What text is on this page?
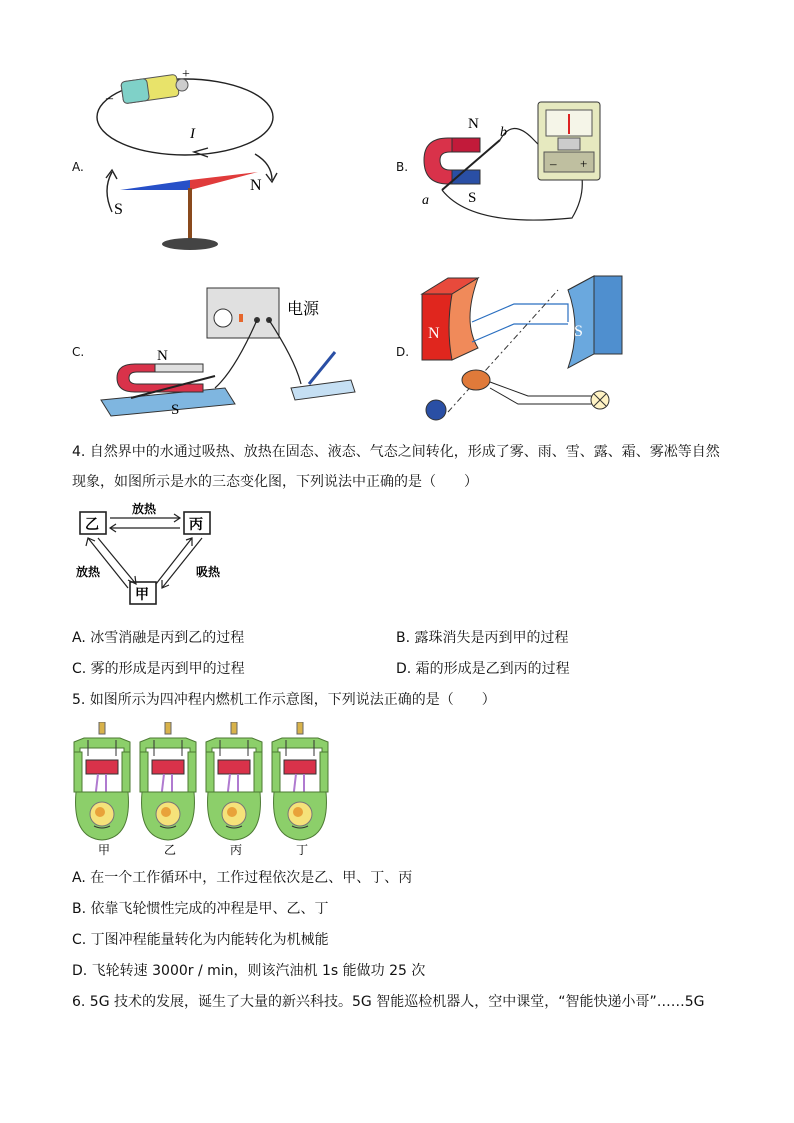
A.	B.
C.	D.
–
+
I
S
N
N
S
a
b
– +
电源
N
S
N	S
4. 自然界中的水通过吸热、放热在固态、液态、气态之间转化，形成了雾、雨、雪、露、霜、雾凇等自然
现象，如图所示是水的三态变化图，下列说法中正确的是（　　）
乙	丙
甲
放热
放热	吸热
A. 冰雪消融是丙到乙的过程	B. 露珠消失是丙到甲的过程
C. 雾的形成是丙到甲的过程	D. 霜的形成是乙到丙的过程
5. 如图所示为四冲程内燃机工作示意图，下列说法正确的是（　　）
甲	乙	丙	丁
A. 在一个工作循环中，工作过程依次是乙、甲、丁、丙
B. 依靠飞轮惯性完成的冲程是甲、乙、丁
C. 丁图冲程能量转化为内能转化为机械能
D. 飞轮转速 3000r / min，则该汽油机 1s 能做功 25 次
6. 5G 技术的发展，诞生了大量的新兴科技。5G 智能巡检机器人，空中课堂，“智能快递小哥”……5G
